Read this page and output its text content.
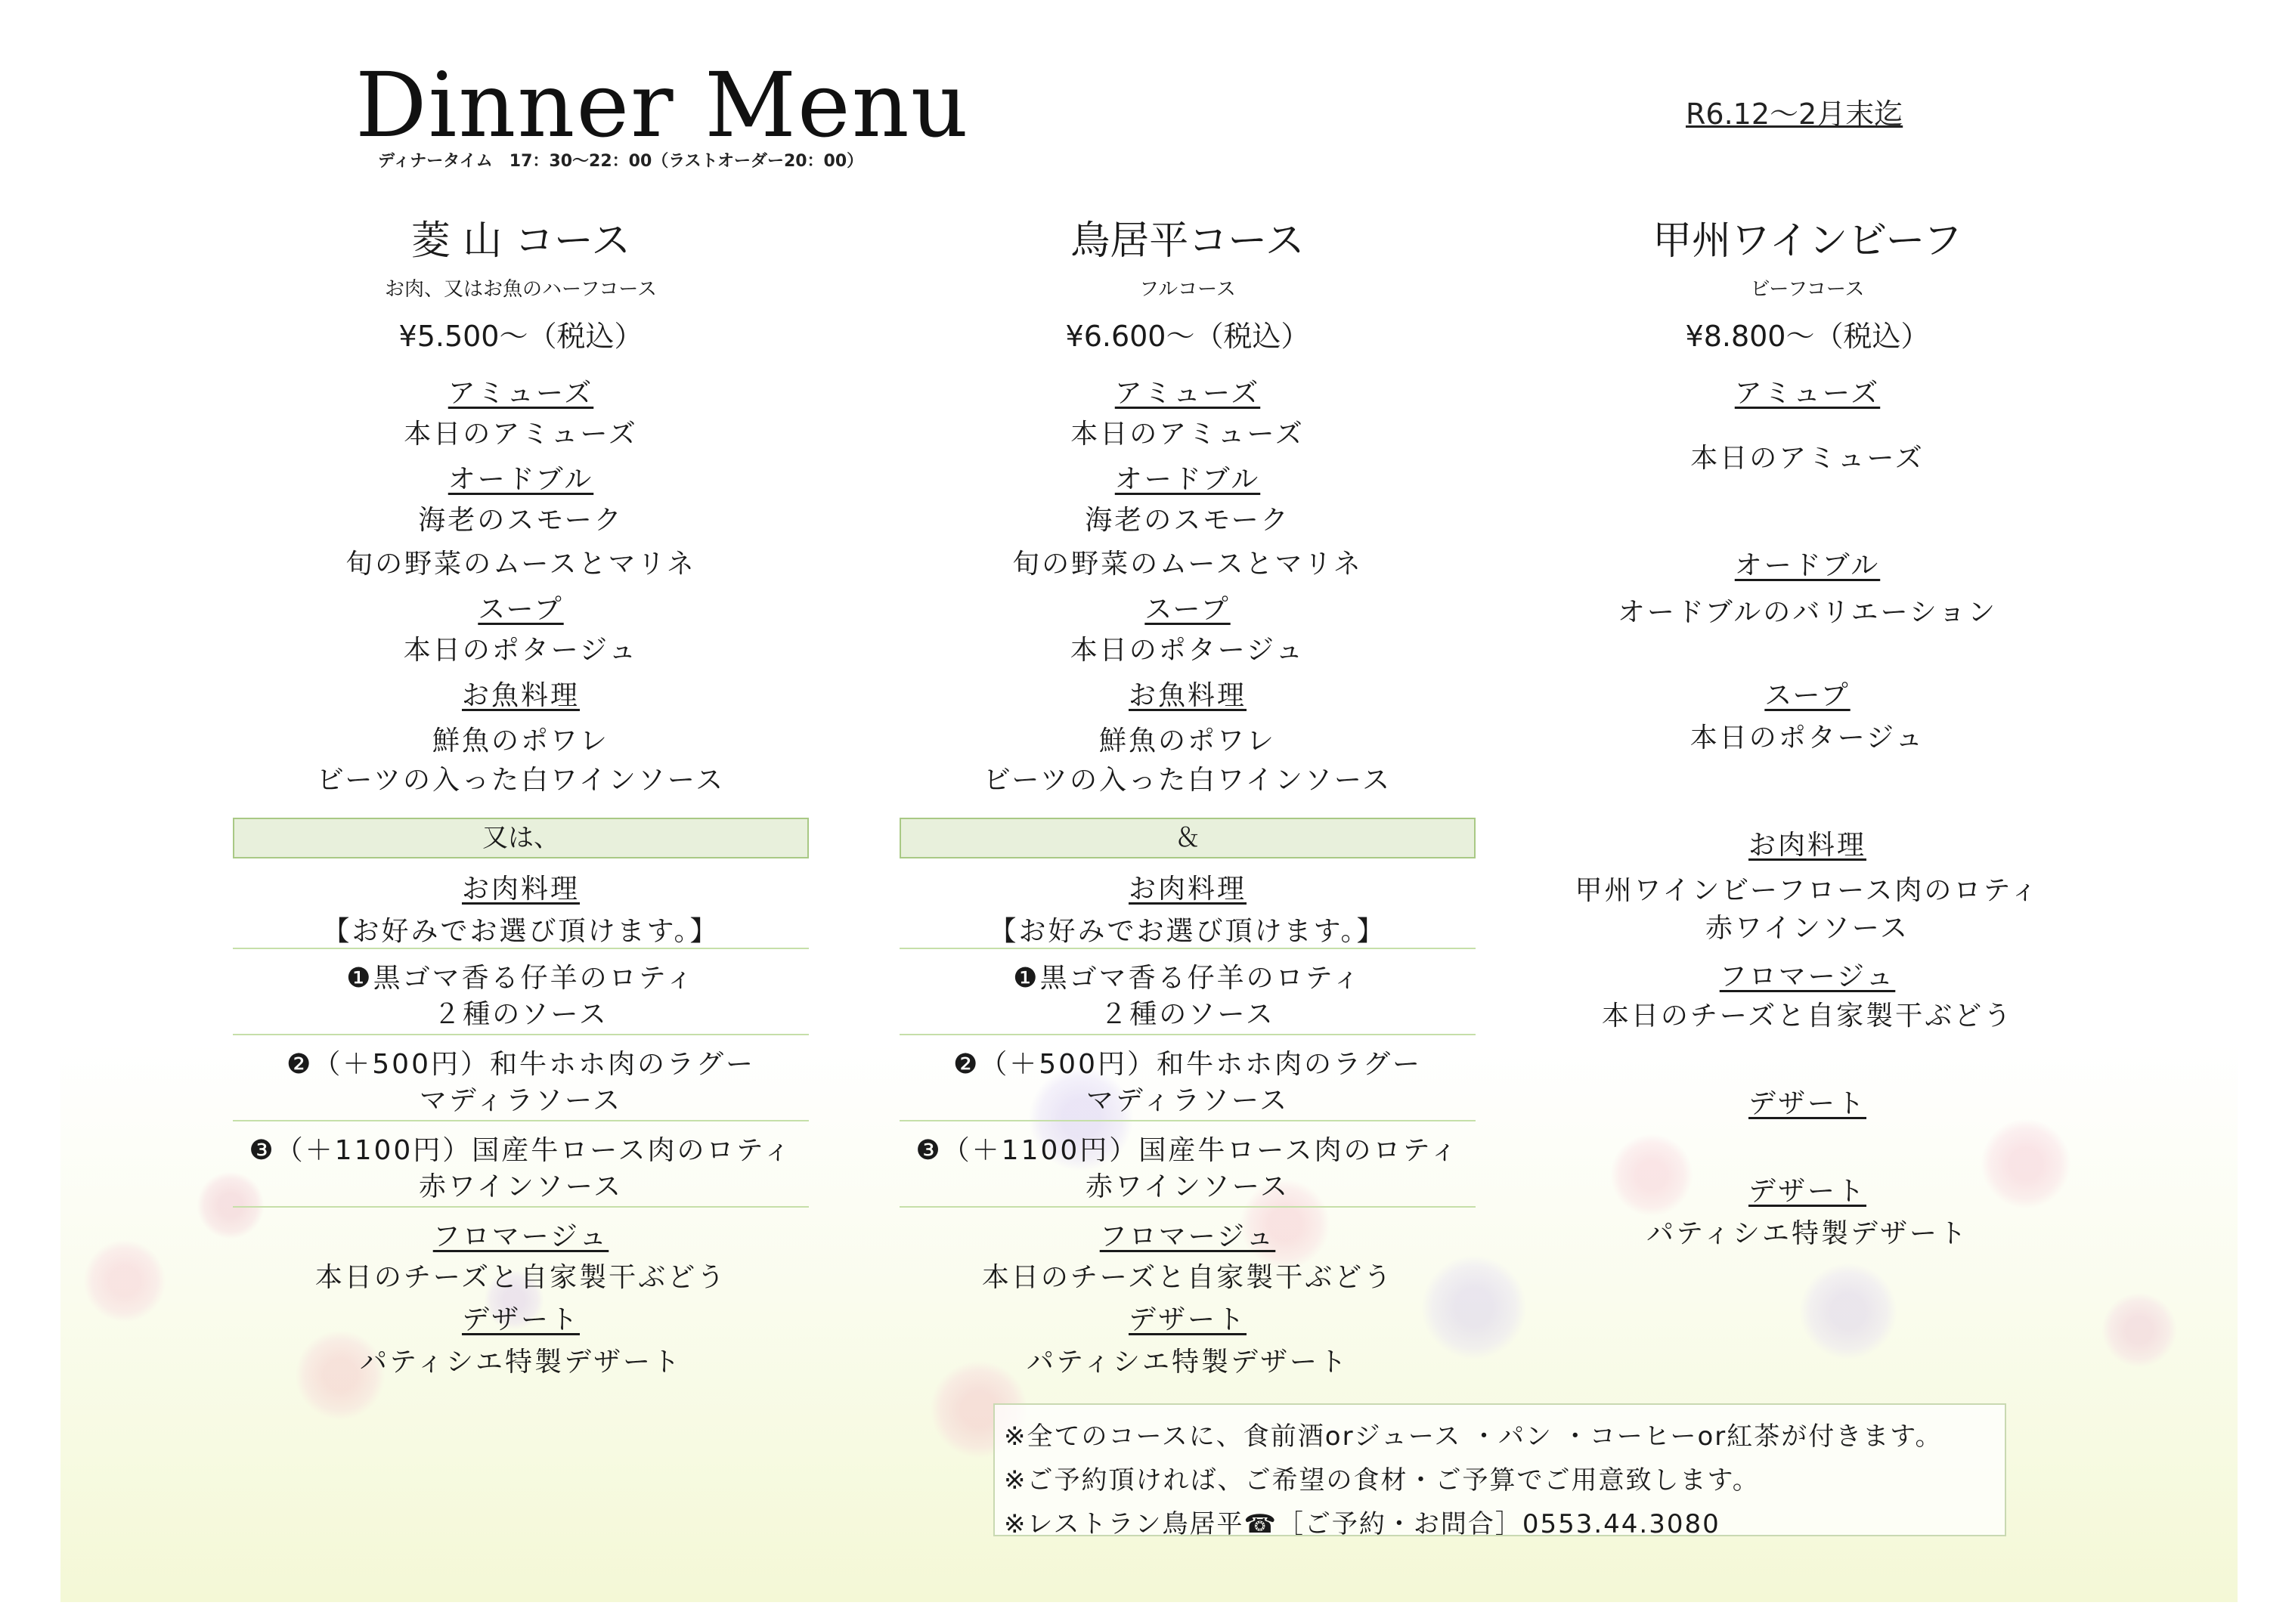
Dinner Menu
ディナータイム　17：30〜22：00（ラストオーダー20：00）
R6.12〜2月末迄
菱 山 コース
お肉、又はお魚のハーフコース
¥5.500〜（税込）
アミューズ
本日のアミューズ
オードブル
海老のスモーク
旬の野菜のムースとマリネ
スープ
本日のポタージュ
お魚料理
鮮魚のポワレ
ビーツの入った白ワインソース
又は、
お肉料理
【お好みでお選び頂けます。】
❶黒ゴマ香る仔羊のロティ
２種のソース
❷（＋500円）和牛ホホ肉のラグー
マディラソース
❸（＋1100円）国産牛ロース肉のロティ
赤ワインソース
フロマージュ
本日のチーズと自家製干ぶどう
デザート
パティシエ特製デザート
鳥居平コース
フルコース
¥6.600〜（税込）
アミューズ
本日のアミューズ
オードブル
海老のスモーク
旬の野菜のムースとマリネ
スープ
本日のポタージュ
お魚料理
鮮魚のポワレ
ビーツの入った白ワインソース
＆
お肉料理
【お好みでお選び頂けます。】
❶黒ゴマ香る仔羊のロティ
２種のソース
❷（＋500円）和牛ホホ肉のラグー
マディラソース
❸（＋1100円）国産牛ロース肉のロティ
赤ワインソース
フロマージュ
本日のチーズと自家製干ぶどう
デザート
パティシエ特製デザート
甲州ワインビーフ
ビーフコース
¥8.800〜（税込）
アミューズ
本日のアミューズ
オードブル
オードブルのバリエーション
スープ
本日のポタージュ
お肉料理
甲州ワインビーフロース肉のロティ
赤ワインソース
フロマージュ
本日のチーズと自家製干ぶどう
デザート
デザート
パティシエ特製デザート
※全てのコースに、食前酒orジュース ・パン ・コーヒーor紅茶が付きます。
※ご予約頂ければ、ご希望の食材・ご予算でご用意致します。
※レストラン鳥居平☎［ご予約・お問合］0553.44.3080
